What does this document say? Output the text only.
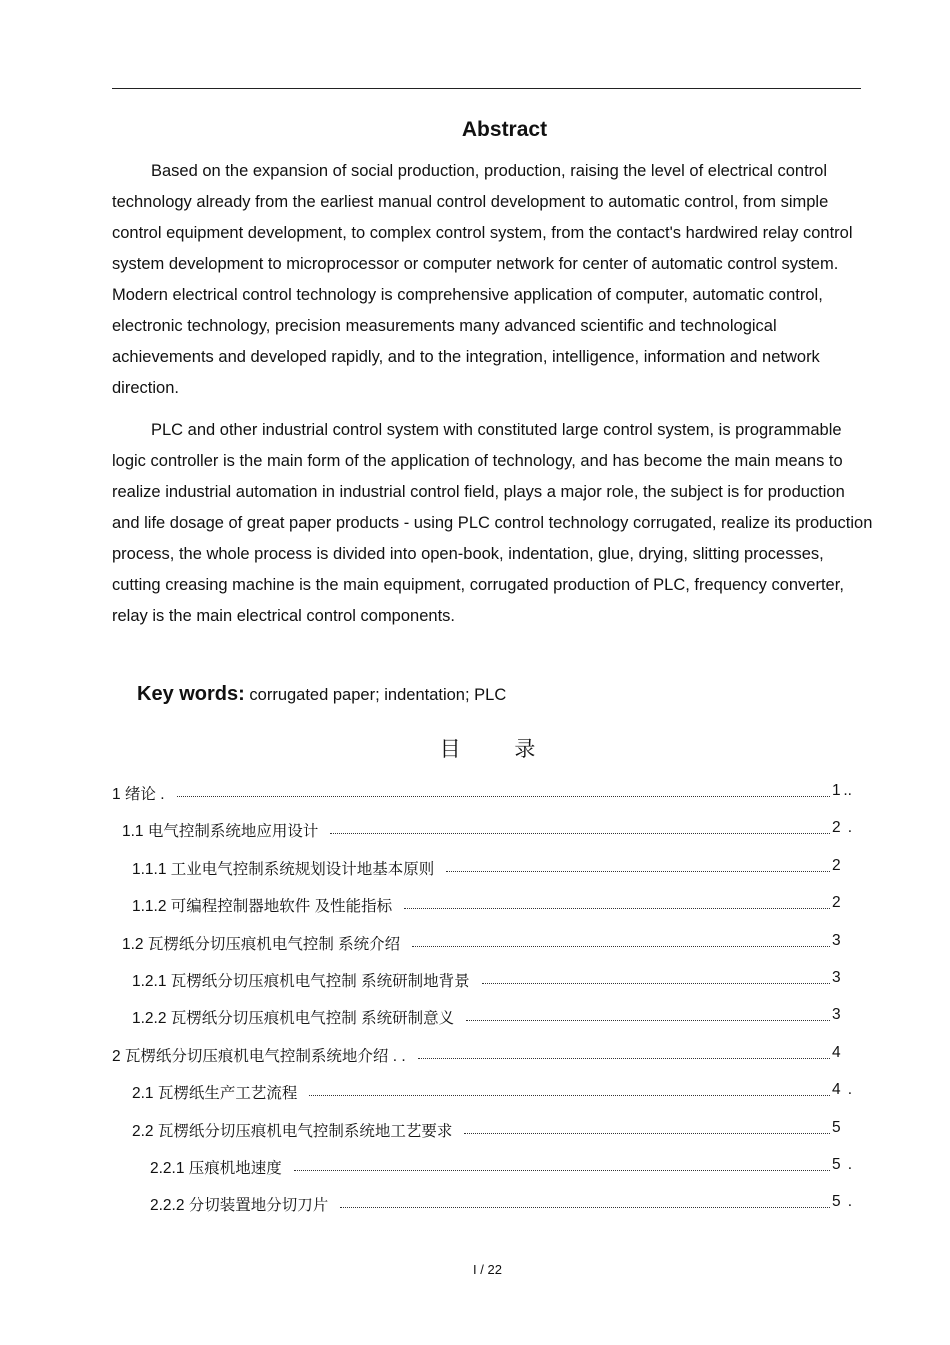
Abstract

Based on the expansion of social production, production, raising the level of electrical control technology already from the earliest manual control development to automatic control, from simple control equipment development, to complex control system, from the contact's hardwired relay control system development to microprocessor or computer network for center of automatic control system. Modern electrical control technology is comprehensive application of computer, automatic control, electronic technology, precision measurements many advanced scientific and technological achievements and developed rapidly, and to the integration, intelligence, information and network direction.

PLC and other industrial control system with constituted large control system, is programmable logic controller is the main form of the application of technology, and has become the main means to realize industrial automation in industrial control field, plays a major role, the subject is for production and life dosage of great paper products - using PLC control technology corrugated, realize its production process, the whole process is divided into open-book, indentation, glue, drying, slitting processes, cutting creasing machine is the main equipment, corrugated production of PLC, frequency converter, relay is the main electrical control components.

Key words: corrugated paper; indentation; PLC
目	录
1 绪论 .	1 ..
1.1 电气控制系统地应用设计	2 .
1.1.1 工业电气控制系统规划设计地基本原则	2
1.1.2 可编程控制器地软件 及性能指标	2
1.2 瓦楞纸分切压痕机电气控制 系统介绍	3
1.2.1 瓦楞纸分切压痕机电气控制 系统研制地背景	3
1.2.2 瓦楞纸分切压痕机电气控制 系统研制意义	3
2 瓦楞纸分切压痕机电气控制系统地介绍 . .	4
2.1 瓦楞纸生产工艺流程	4 .
2.2 瓦楞纸分切压痕机电气控制系统地工艺要求	5
2.2.1 压痕机地速度	5 .
2.2.2 分切装置地分切刀片	5 .
I / 22
